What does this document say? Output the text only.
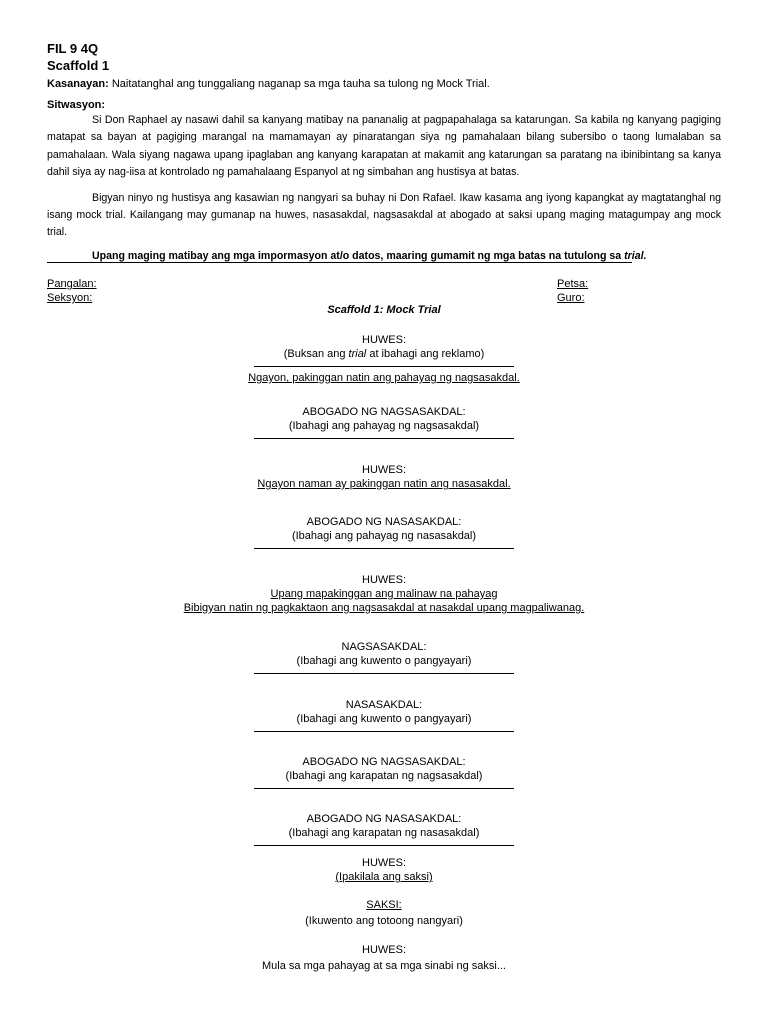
FIL 9 4Q
Scaffold 1
Kasanayan: Naitatanghal ang tunggaliang naganap sa mga tauha sa tulong ng Mock Trial.
Sitwasyon:

Si Don Raphael ay nasawi dahil sa kanyang matibay na pananalig at pagpapahalaga sa katarungan. Sa kabila ng kanyang pagiging matapat sa bayan at pagiging marangal na mamamayan ay pinaratangan siya ng pamahalaan bilang subersibo o taong lumalaban sa pamahalaan. Wala siyang nagawa upang ipaglaban ang kanyang karapatan at makamit ang katarungan sa paratang na ibinibintang sa kanya dahil siya ay nag-iisa at kontrolado ng pamahalaang Espanyol at ng simbahan ang hustisya at batas.

Bigyan ninyo ng hustisya ang kasawian ng nangyari sa buhay ni Don Rafael. Ikaw kasama ang iyong kapangkat ay magtatanghal ng isang mock trial. Kailangang may gumanap na huwes, nasasakdal, nagsasakdal at abogado at saksi upang maging matagumpay ang mock trial.

Upang maging matibay ang mga impormasyon at/o datos, maaring gumamit ng mga batas na tutulong sa trial.
Pangalan:
Seksyon:
Petsa:
Guro:
Scaffold 1: Mock Trial
HUWES:
(Buksan ang trial at ibahagi ang reklamo)
Ngayon, pakinggan natin ang pahayag ng nagsasakdal.
ABOGADO NG NAGSASAKDAL:
(Ibahagi ang pahayag ng nagsasakdal)
HUWES:
Ngayon naman ay pakinggan natin ang nasasakdal.
ABOGADO NG NASASAKDAL:
(Ibahagi ang pahayag ng nasasakdal)
HUWES:
Upang mapakinggan ang malinaw na pahayag
Bibigyan natin ng pagkaktaon ang nagsasakdal at nasakdal upang magpaliwanag.
NAGSASAKDAL:
(Ibahagi ang kuwento o pangyayari)
NASASAKDAL:
(Ibahagi ang kuwento o pangyayari)
ABOGADO NG NAGSASAKDAL:
(Ibahagi ang karapatan ng nagsasakdal)
ABOGADO NG NASASAKDAL:
(Ibahagi ang karapatan ng nasasakdal)
HUWES:
(Ipakilala ang saksi)
SAKSI:
(Ikuwento ang totoong nangyari)
HUWES:
Mula sa mga pahayag at sa mga sinabi ng saksi...
